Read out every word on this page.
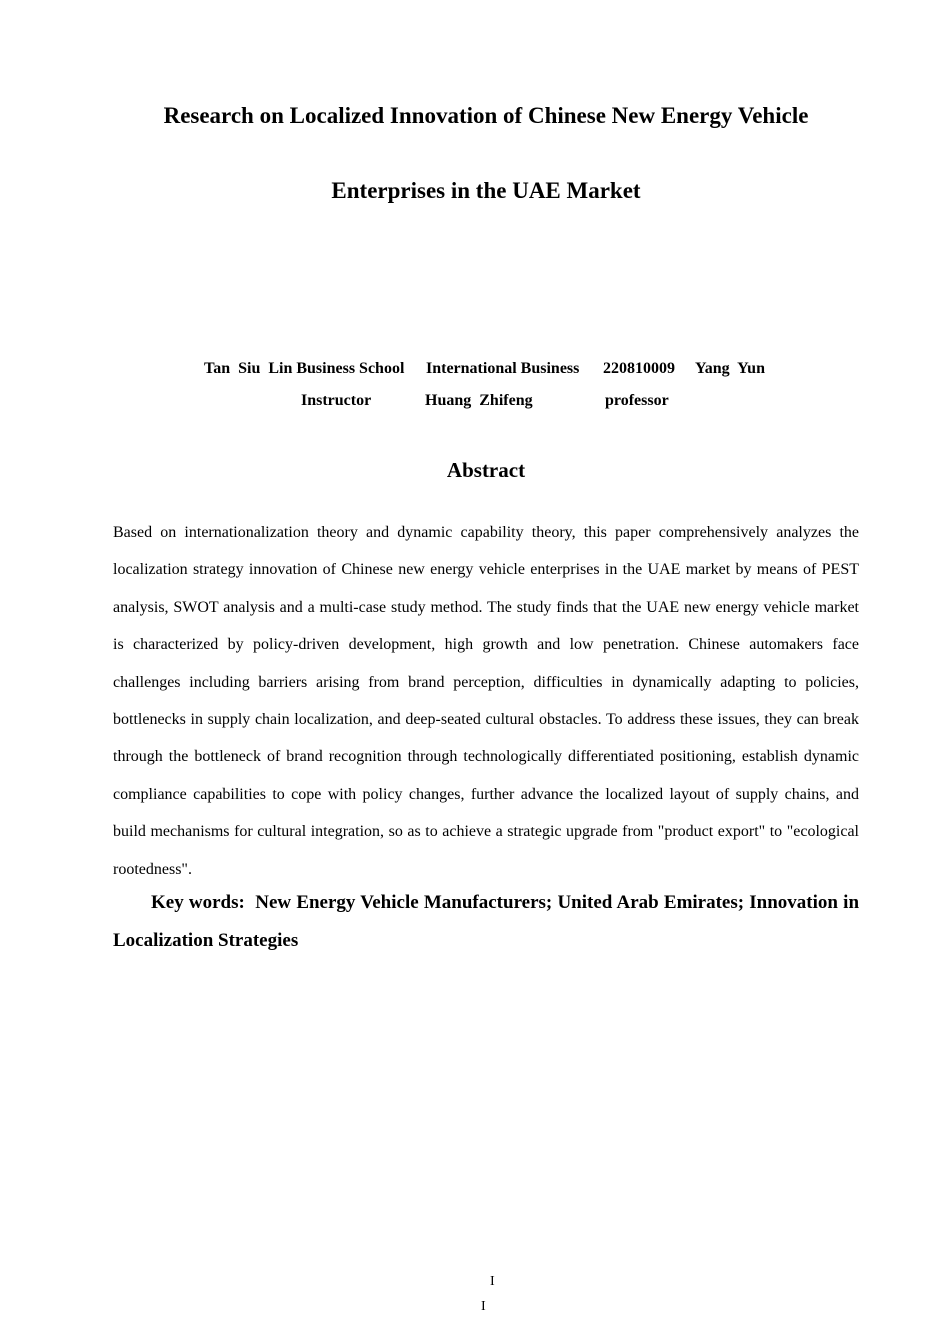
Research on Localized Innovation of Chinese New Energy Vehicle
Enterprises in the UAE Market
Tan  Siu  Lin Business School International Business 220810009 Yang  Yun
Instructor	Huang  Zhifeng	professor
Abstract

Based on internationalization theory and dynamic capability theory, this paper comprehensively analyzes the localization strategy innovation of Chinese new energy vehicle enterprises in the UAE market by means of PEST analysis, SWOT analysis and a multi-case study method. The study finds that the UAE new energy vehicle market is characterized by policy-driven development, high growth and low penetration. Chinese automakers face challenges including barriers arising from brand perception, difficulties in dynamically adapting to policies, bottlenecks in supply chain localization, and deep-seated cultural obstacles. To address these issues, they can break through the bottleneck of brand recognition through technologically differentiated positioning, establish dynamic compliance capabilities to cope with policy changes, further advance the localized layout of supply chains, and build mechanisms for cultural integration, so as to achieve a strategic upgrade from "product export" to "ecological rootedness".

Key words: New Energy Vehicle Manufacturers; United Arab Emirates; Innovation in Localization Strategies

I
I
